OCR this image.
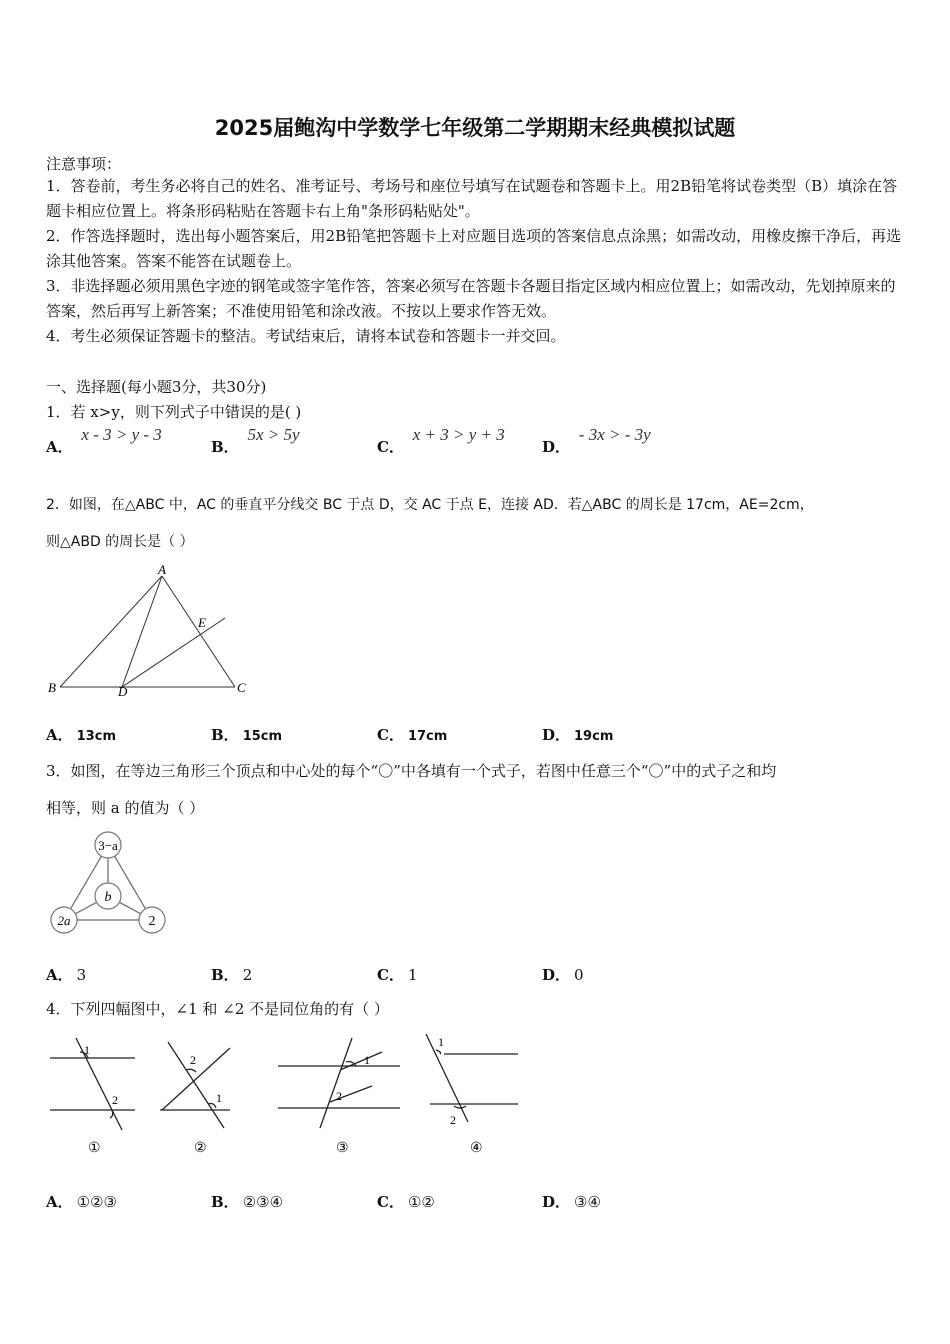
2025届鲍沟中学数学七年级第二学期期末经典模拟试题
注意事项：
1．答卷前，考生务必将自己的姓名、准考证号、考场号和座位号填写在试题卷和答题卡上。用2B铅笔将试卷类型（B）填涂在答题卡相应位置上。将条形码粘贴在答题卡右上角"条形码粘贴处"。
2．作答选择题时，选出每小题答案后，用2B铅笔把答题卡上对应题目选项的答案信息点涂黑；如需改动，用橡皮擦干净后，再选涂其他答案。答案不能答在试题卷上。
3．非选择题必须用黑色字迹的钢笔或签字笔作答，答案必须写在答题卡各题目指定区域内相应位置上；如需改动，先划掉原来的答案，然后再写上新答案；不准使用铅笔和涂改液。不按以上要求作答无效。
4．考生必须保证答题卡的整洁。考试结束后，请将本试卷和答题卡一并交回。
一、选择题(每小题3分，共30分)
1．若 x>y，则下列式子中错误的是( )
A． x - 3 > y - 3
B． 5x > 5y
C． x + 3 > y + 3
D． - 3x > - 3y
2．如图，在△ABC 中，AC 的垂直平分线交 BC 于点 D，交 AC 于点 E，连接 AD．若△ABC 的周长是 17cm，AE=2cm，
则△ABD 的周长是（ ）
A
B	C
D
E
A． 13cm	B． 15cm	C． 17cm	D． 19cm
3．如图，在等边三角形三个顶点和中心处的每个“〇”中各填有一个式子，若图中任意三个“〇”中的式子之和均
相等，则 a 的值为（ ）
3−a
b
2a	2
A． 3	B． 2	C． 1	D． 0
4．下列四幅图中，∠1 和 ∠2 不是同位角的有（ ）
1
2
2
1
1
2
1
2
①	②	③	④
A． ①②③	B． ②③④	C． ①②	D． ③④
